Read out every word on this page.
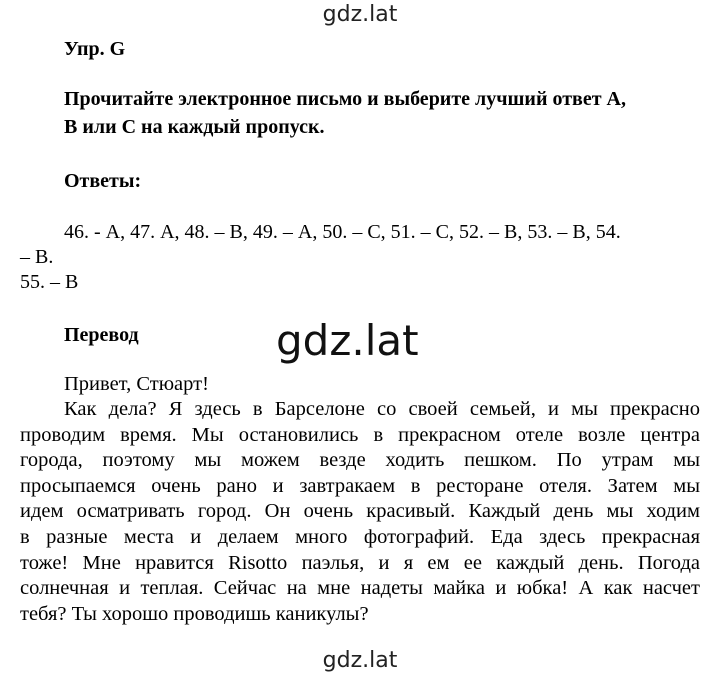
gdz.lat
Упр. G
Прочитайте электронное письмо и выберите лучший ответ А,
В или С на каждый пропуск.
Ответы:
46. - А, 47. А, 48. – В, 49. – А, 50. – С, 51. – С, 52. – В, 53. – В, 54.
– В.
55. – В
Перевод	gdz.lat
Привет, Стюарт!
Как дела? Я здесь в Барселоне со своей семьей, и мы прекрасно
проводим время. Мы остановились в прекрасном отеле возле центра
города, поэтому мы можем везде ходить пешком. По утрам мы
просыпаемся очень рано и завтракаем в ресторане отеля. Затем мы
идем осматривать город. Он очень красивый. Каждый день мы ходим
в разные места и делаем много фотографий. Еда здесь прекрасная
тоже! Мне нравится Risotto паэлья, и я ем ее каждый день. Погода
солнечная и теплая. Сейчас на мне надеты майка и юбка! А как насчет
тебя? Ты хорошо проводишь каникулы?
gdz.lat
